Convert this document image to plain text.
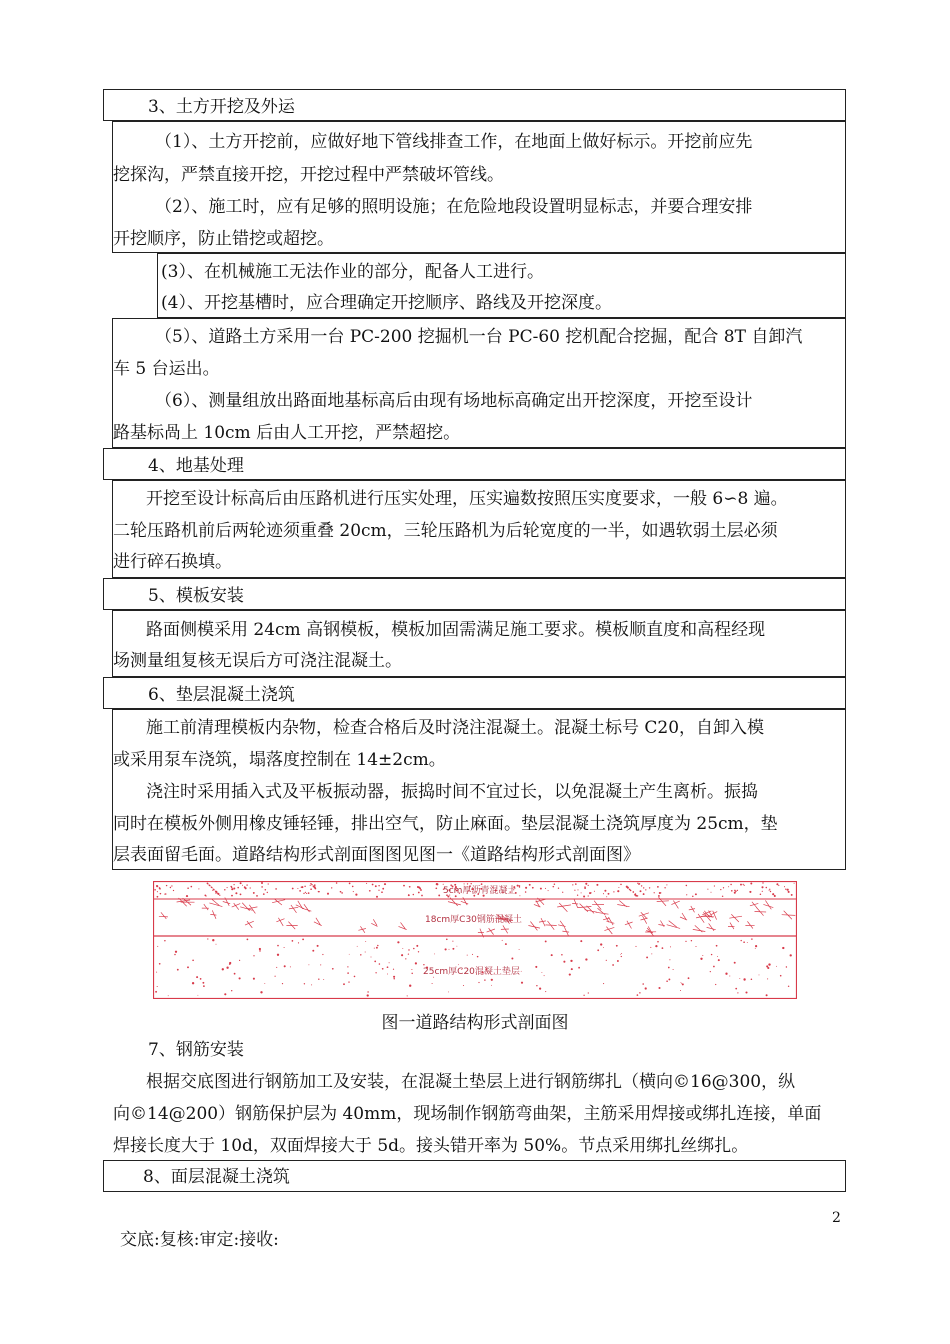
3、土方开挖及外运
（1）、土方开挖前，应做好地下管线排查工作，在地面上做好标示。开挖前应先
挖探沟，严禁直接开挖，开挖过程中严禁破坏管线。
（2）、施工时，应有足够的照明设施；在危险地段设置明显标志，并要合理安排
开挖顺序，防止错挖或超挖。
(3）、在机械施工无法作业的部分，配备人工进行。
(4）、开挖基槽时，应合理确定开挖顺序、路线及开挖深度。
（5）、道路土方采用一台 PC-200 挖掘机一台 PC-60 挖机配合挖掘，配合 8T 自卸汽
车 5 台运出。
（6）、测量组放出路面地基标高后由现有场地标高确定出开挖深度，开挖至设计
路基标咼上 10cm 后由人工开挖，严禁超挖。
4、地基处理
开挖至设计标高后由压路机进行压实处理，压实遍数按照压实度要求，一般 6∽8 遍。
二轮压路机前后两轮迹须重叠 20cm，三轮压路机为后轮宽度的一半，如遇软弱土层必须
进行碎石换填。
5、模板安装
路面侧模采用 24cm 高钢模板，模板加固需满足施工要求。模板顺直度和高程经现
场测量组复核无误后方可浇注混凝土。
6、垫层混凝土浇筑
施工前清理模板内杂物，检查合格后及时浇注混凝土。混凝土标号 C20，自卸入模
或采用泵车浇筑，塌落度控制在 14±2cm。
浇注时采用插入式及平板振动器，振捣时间不宜过长，以免混凝土产生离析。振捣
同时在模板外侧用橡皮锤轻锤，排出空气，防止麻面。垫层混凝土浇筑厚度为 25cm，垫
层表面留毛面。道路结构形式剖面图图见图一《道路结构形式剖面图》
5cm厚沥青混凝土
18cm厚C30钢筋混凝土
25cm厚C20混凝土垫层
图一道路结构形式剖面图
7、钢筋安装
根据交底图进行钢筋加工及安装，在混凝土垫层上进行钢筋绑扎（横向©16@300，纵
向©14@200）钢筋保护层为 40mm，现场制作钢筋弯曲架，主筋采用焊接或绑扎连接，单面
焊接长度大于 10d，双面焊接大于 5d。接头错开率为 50%。节点采用绑扎丝绑扎。
8、面层混凝土浇筑
2
交底:复核:审定:接收:
